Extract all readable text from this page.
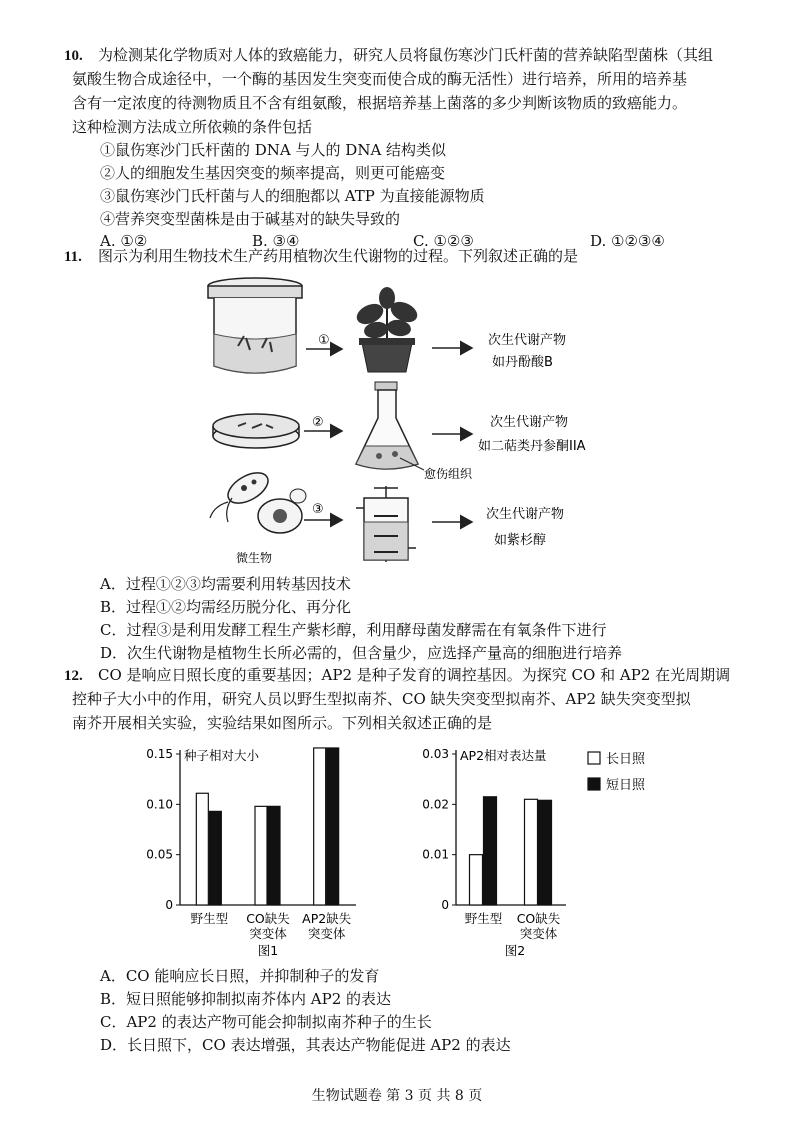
10. 为检测某化学物质对人体的致癌能力，研究人员将鼠伤寒沙门氏杆菌的营养缺陷型菌株（其组
氨酸生物合成途径中，一个酶的基因发生突变而使合成的酶无活性）进行培养，所用的培养基
含有一定浓度的待测物质且不含有组氨酸，根据培养基上菌落的多少判断该物质的致癌能力。
这种检测方法成立所依赖的条件包括
①鼠伤寒沙门氏杆菌的 DNA 与人的 DNA 结构类似
②人的细胞发生基因突变的频率提高，则更可能癌变
③鼠伤寒沙门氏杆菌与人的细胞都以 ATP 为直接能源物质
④营养突变型菌株是由于碱基对的缺失导致的
A. ①②	B. ③④	C. ①②③	D. ①②③④
11. 图示为利用生物技术生产药用植物次生代谢物的过程。下列叙述正确的是
①	次生代谢产物
如丹酚酸B
②
愈伤组织
次生代谢产物
如二萜类丹参酮IIA
微生物
③	次生代谢产物
如紫杉醇
A．过程①②③均需要利用转基因技术
B．过程①②均需经历脱分化、再分化
C．过程③是利用发酵工程生产紫杉醇，利用酵母菌发酵需在有氧条件下进行
D．次生代谢物是植物生长所必需的，但含量少，应选择产量高的细胞进行培养
12. CO 是响应日照长度的重要基因；AP2 是种子发育的调控基因。为探究 CO 和 AP2 在光周期调
控种子大小中的作用，研究人员以野生型拟南芥、CO 缺失突变型拟南芥、AP2 缺失突变型拟
南芥开展相关实验，实验结果如图所示。下列相关叙述正确的是
0.15
0.10
0.05
0
种子相对大小
野生型 CO缺失
突变体
AP2缺失
突变体
图1
0.03
0.02
0.01
0
AP2相对表达量
野生型 CO缺失
突变体
图2
长日照
短日照
A．CO 能响应长日照，并抑制种子的发育
B．短日照能够抑制拟南芥体内 AP2 的表达
C．AP2 的表达产物可能会抑制拟南芥种子的生长
D．长日照下，CO 表达增强，其表达产物能促进 AP2 的表达
生物试题卷 第 3 页 共 8 页
